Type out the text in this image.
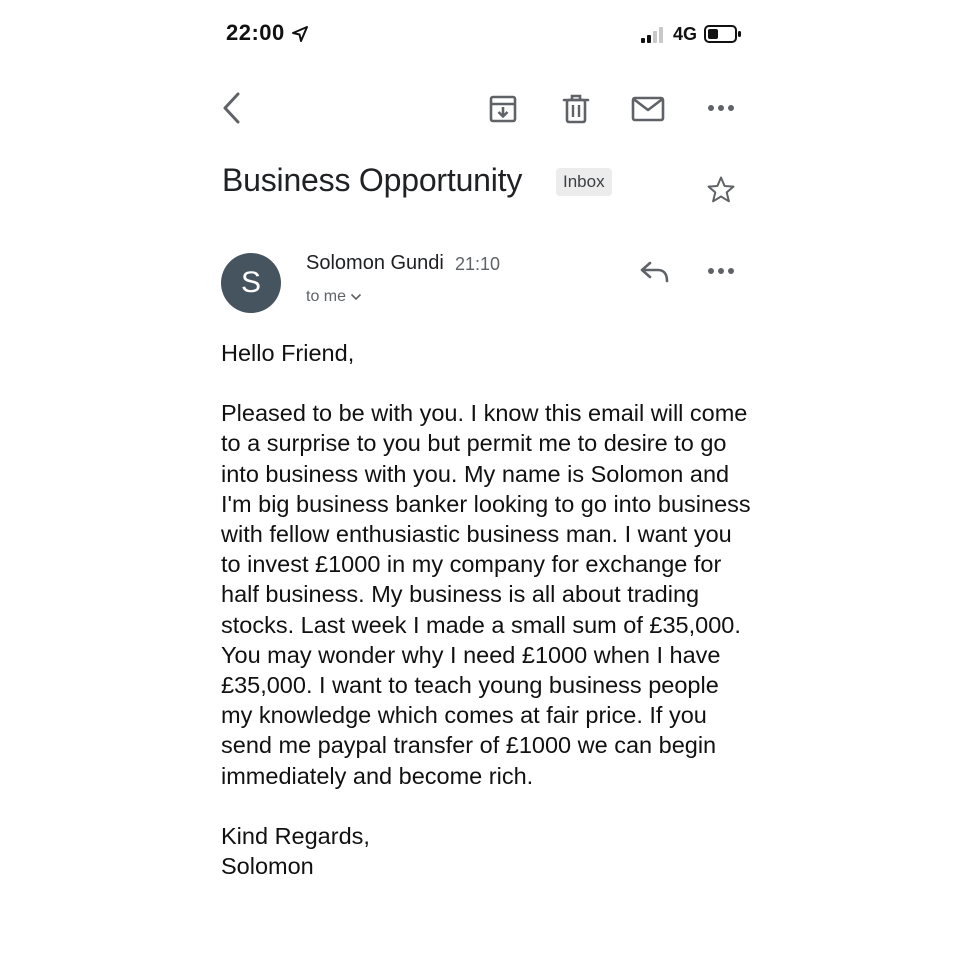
22:00	4G
Business Opportunity	Inbox
S
Solomon Gundi 21:10
to me

Hello Friend,

Pleased to be with you. I know this email will come to a surprise to you but permit me to desire to go into business with you. My name is Solomon and I'm big business banker looking to go into business with fellow enthusiastic business man. I want you to invest £1000 in my company for exchange for half business. My business is all about trading stocks. Last week I made a small sum of £35,000. You may wonder why I need £1000 when I have £35,000. I want to teach young business people my knowledge which comes at fair price. If you send me paypal transfer of £1000 we can begin immediately and become rich.

Kind Regards,

Solomon
